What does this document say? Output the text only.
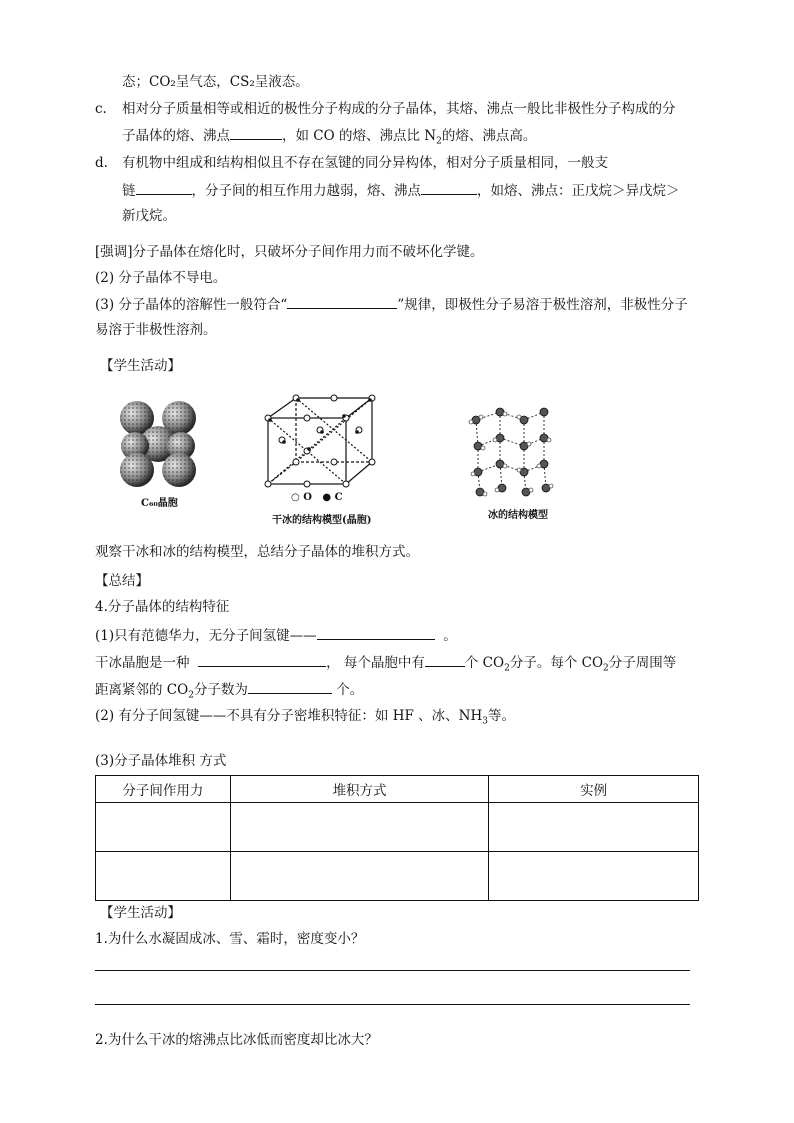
态；CO₂呈气态，CS₂呈液态。
c. 相对分子质量相等或相近的极性分子构成的分子晶体，其熔、沸点一般比非极性分子构成的分
子晶体的熔、沸点	，如 CO 的熔、沸点比 $N_2$的熔、沸点高。
d. 有机物中组成和结构相似且不存在氢键的同分异构体，相对分子质量相同，一般支
链	，分子间的相互作用力越弱，熔、沸点	，如熔、沸点：正戊烷＞异戊烷＞
新戊烷。
[强调]分子晶体在熔化时，只破坏分子间作用力而不破坏化学键。
(2) 分子晶体不导电。
(3) 分子晶体的溶解性一般符合“	”规律，即极性分子易溶于极性溶剂，非极性分子
易溶于非极性溶剂。
【学生活动】
C₆₀晶胞
○ O ● C
干冰的结构模型(晶胞)	冰的结构模型
观察干冰和冰的结构模型，总结分子晶体的堆积方式。
【总结】
4.分子晶体的结构特征
(1)只有范德华力，无分子间氢键——	。
干冰晶胞是一种	， 每个晶胞中有	个 $CO_2$分子。每个 $CO_2$分子周围等
距离紧邻的 $CO_2$分子数为	个。
(2) 有分子间氢键——不具有分子密堆积特征：如 HF 、冰、$NH_3$等。
(3)分子晶体堆积 方式
分子间作用力	堆积方式	实例

【学生活动】
1.为什么水凝固成冰、雪、霜时，密度变小？
2.为什么干冰的熔沸点比冰低而密度却比冰大？
